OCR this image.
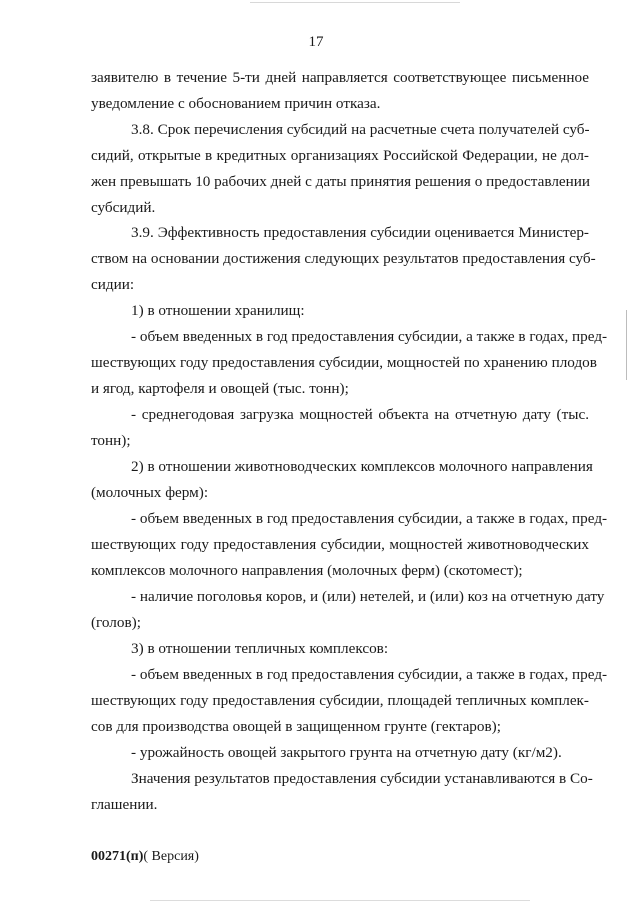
17
заявителю в течение 5-ти дней направляется соответствующее письменное
уведомление с обоснованием причин отказа.
3.8. Срок перечисления субсидий на расчетные счета получателей суб-
сидий, открытые в кредитных организациях Российской Федерации, не дол-
жен превышать 10 рабочих дней с даты принятия решения о предоставлении
субсидий.
3.9. Эффективность предоставления субсидии оценивается Министер-
ством на основании достижения следующих результатов предоставления суб-
сидии:
1) в отношении хранилищ:
- объем введенных в год предоставления субсидии, а также в годах, пред-
шествующих году предоставления субсидии, мощностей по хранению плодов
и ягод, картофеля и овощей (тыс. тонн);
- среднегодовая загрузка мощностей объекта на отчетную дату (тыс.
тонн);
2) в отношении животноводческих комплексов молочного направления
(молочных ферм):
- объем введенных в год предоставления субсидии, а также в годах, пред-
шествующих году предоставления субсидии, мощностей животноводческих
комплексов молочного направления (молочных ферм) (скотомест);
- наличие поголовья коров, и (или) нетелей, и (или) коз на отчетную дату
(голов);
3) в отношении тепличных комплексов:
- объем введенных в год предоставления субсидии, а также в годах, пред-
шествующих году предоставления субсидии, площадей тепличных комплек-
сов для производства овощей в защищенном грунте (гектаров);
- урожайность овощей закрытого грунта на отчетную дату (кг/м2).
Значения результатов предоставления субсидии устанавливаются в Со-
глашении.
00271(п)( Версия)
